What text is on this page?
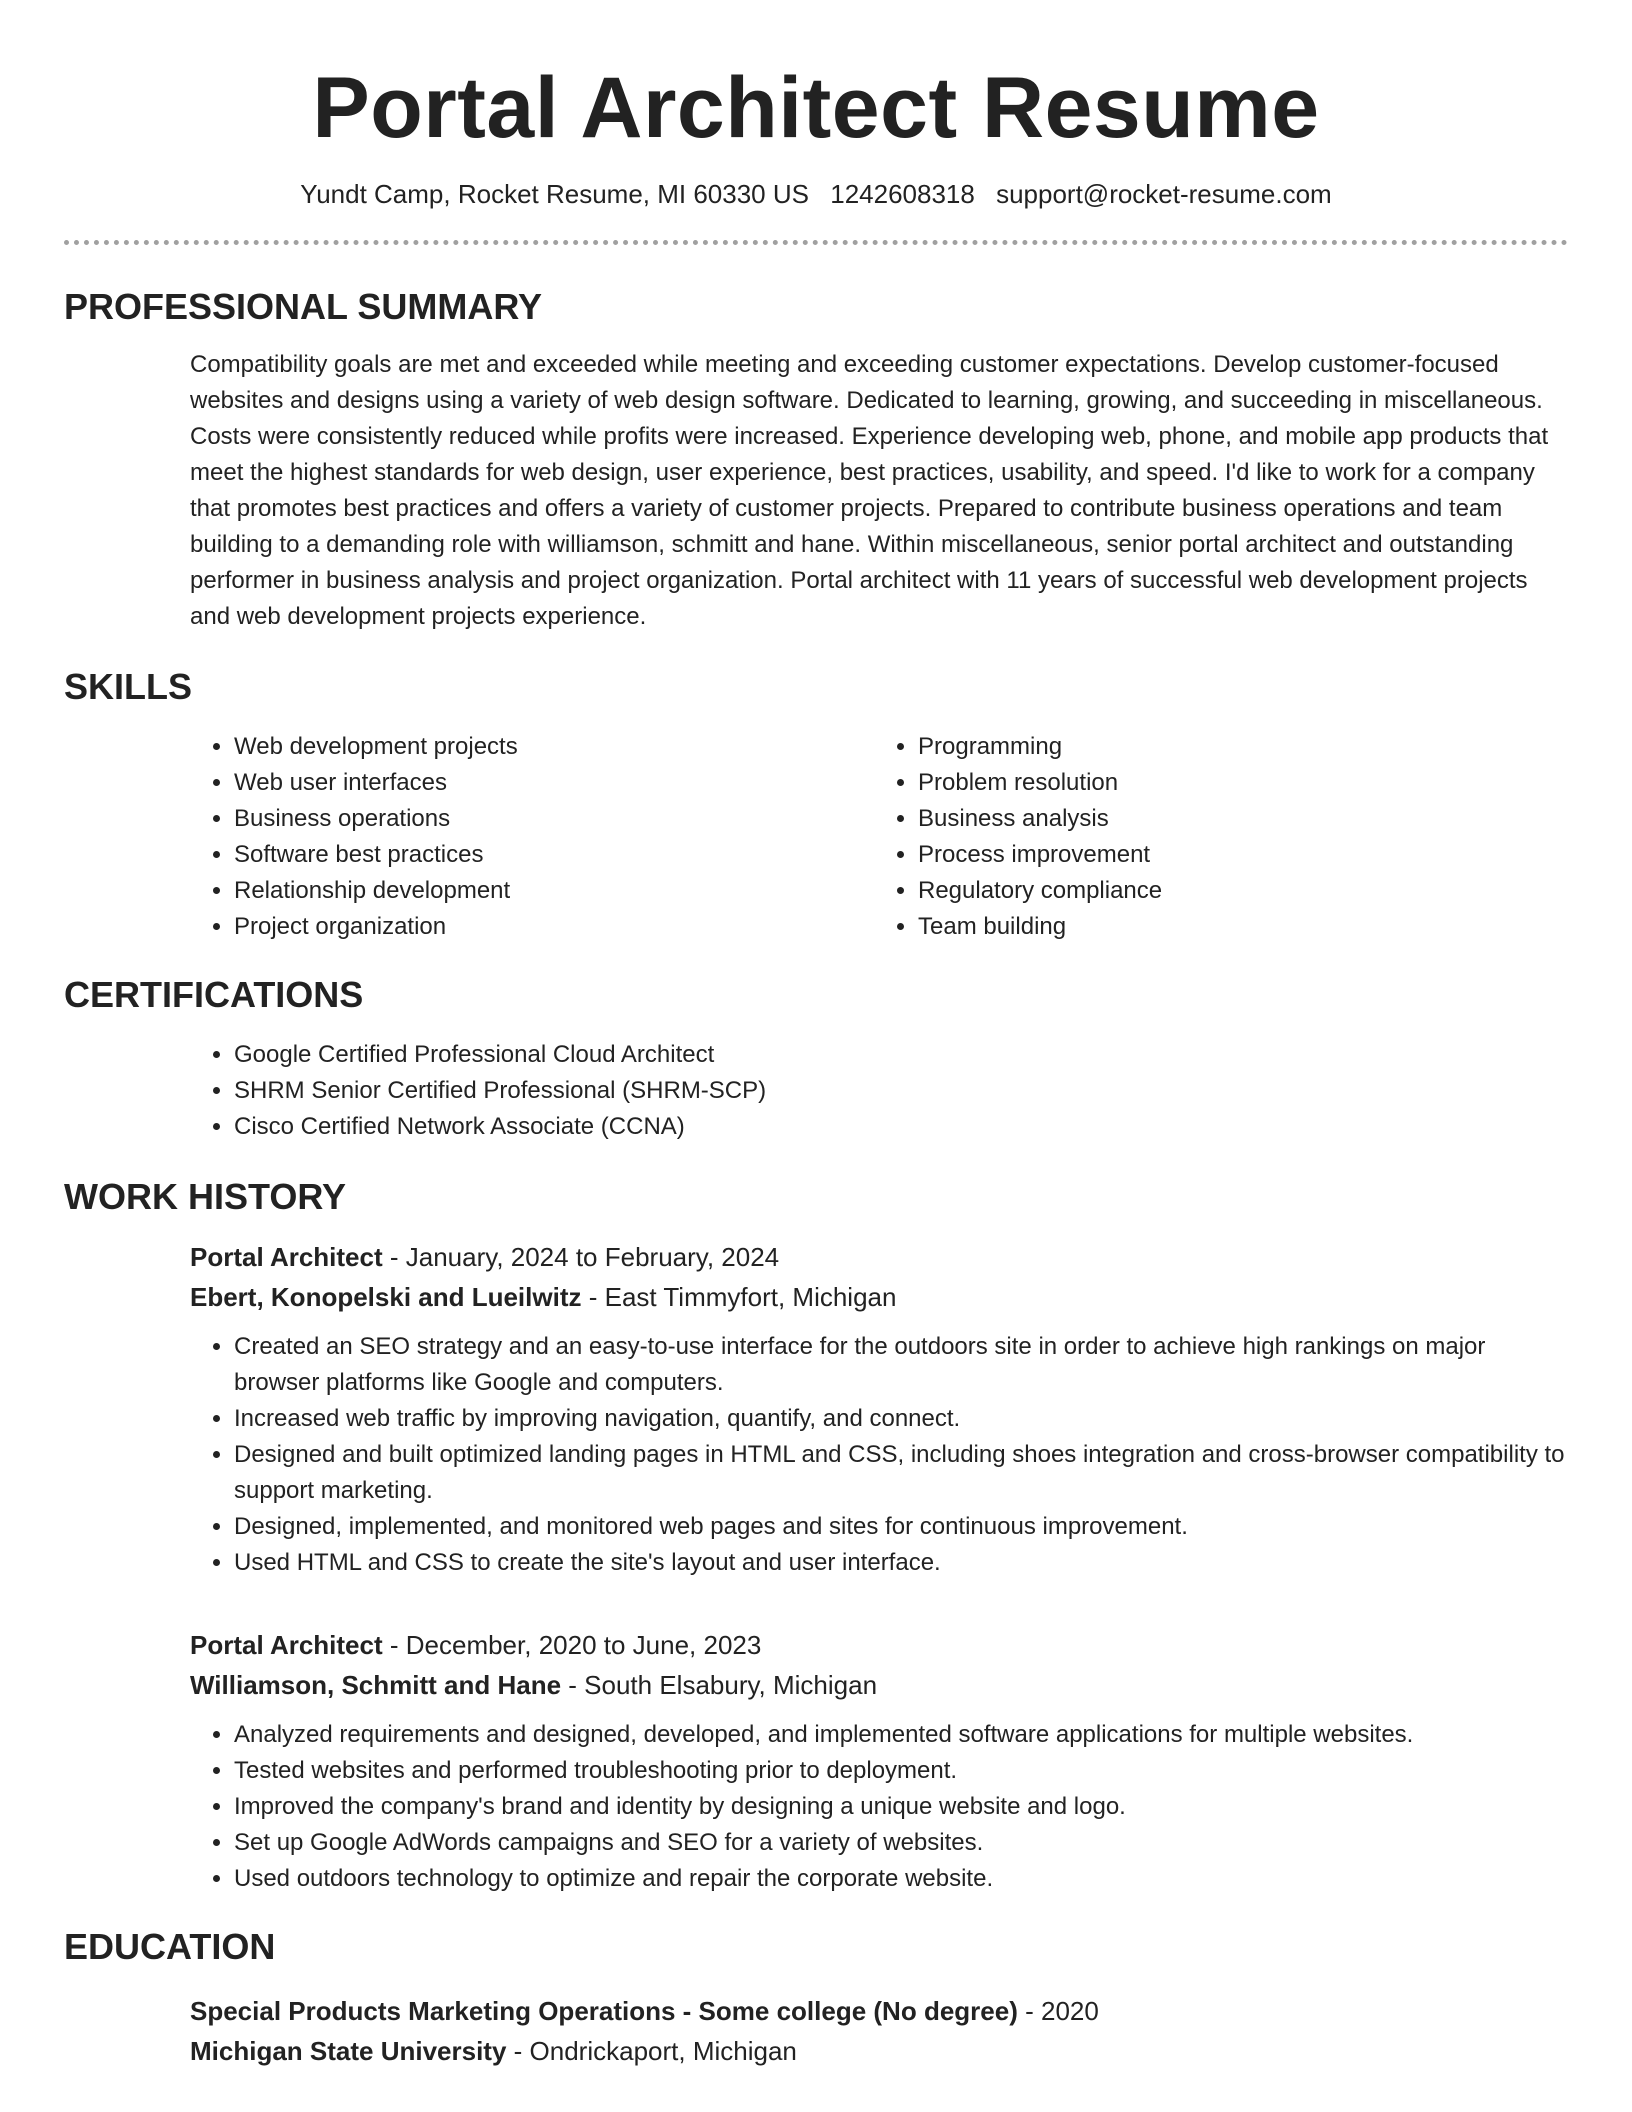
Portal Architect Resume
Yundt Camp, Rocket Resume, MI 60330 US 1242608318 support@rocket-resume.com
PROFESSIONAL SUMMARY

Compatibility goals are met and exceeded while meeting and exceeding customer expectations. Develop customer-focused websites and designs using a variety of web design software. Dedicated to learning, growing, and succeeding in miscellaneous. Costs were consistently reduced while profits were increased. Experience developing web, phone, and mobile app products that meet the highest standards for web design, user experience, best practices, usability, and speed. I'd like to work for a company that promotes best practices and offers a variety of customer projects. Prepared to contribute business operations and team building to a demanding role with williamson, schmitt and hane. Within miscellaneous, senior portal architect and outstanding performer in business analysis and project organization. Portal architect with 11 years of successful web development projects and web development projects experience.

SKILLS
• Web development projects
• Web user interfaces
• Business operations
• Software best practices
• Relationship development
• Project organization
• Programming
• Problem resolution
• Business analysis
• Process improvement
• Regulatory compliance
• Team building
CERTIFICATIONS
• Google Certified Professional Cloud Architect
• SHRM Senior Certified Professional (SHRM-SCP)
• Cisco Certified Network Associate (CCNA)
WORK HISTORY
Portal Architect - January, 2024 to February, 2024
Ebert, Konopelski and Lueilwitz - East Timmyfort, Michigan
• Created an SEO strategy and an easy-to-use interface for the outdoors site in order to achieve high rankings on major browser platforms like Google and computers.
• Increased web traffic by improving navigation, quantify, and connect.
• Designed and built optimized landing pages in HTML and CSS, including shoes integration and cross-browser compatibility to support marketing.
• Designed, implemented, and monitored web pages and sites for continuous improvement.
• Used HTML and CSS to create the site's layout and user interface.
Portal Architect - December, 2020 to June, 2023
Williamson, Schmitt and Hane - South Elsabury, Michigan
• Analyzed requirements and designed, developed, and implemented software applications for multiple websites.
• Tested websites and performed troubleshooting prior to deployment.
• Improved the company's brand and identity by designing a unique website and logo.
• Set up Google AdWords campaigns and SEO for a variety of websites.
• Used outdoors technology to optimize and repair the corporate website.
EDUCATION
Special Products Marketing Operations - Some college (No degree) - 2020
Michigan State University - Ondrickaport, Michigan
